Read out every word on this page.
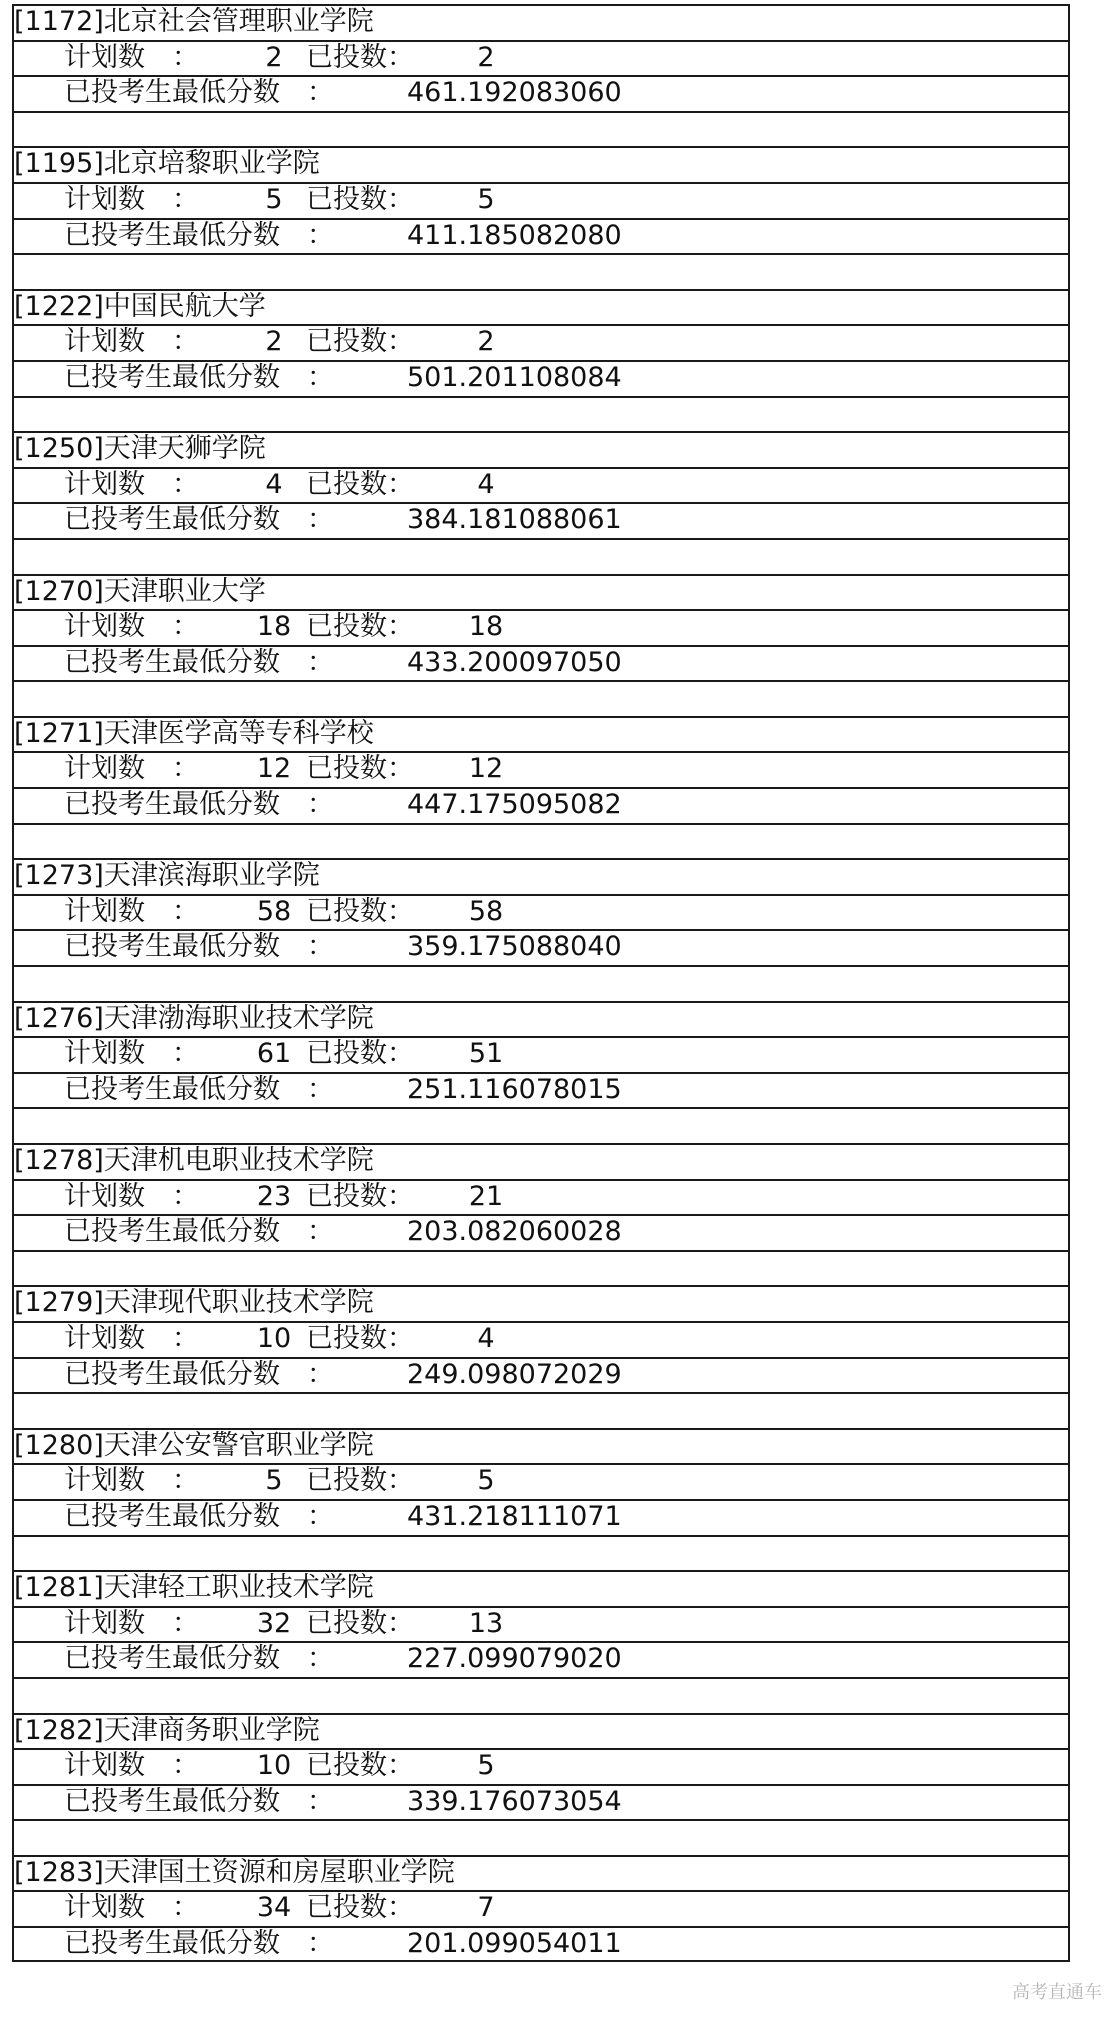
[1172]北京社会管理职业学院
计划数　：	2 已投数：	2
已投考生最低分数　：	461.192083060
[1195]北京培黎职业学院
计划数　：	5 已投数：	5
已投考生最低分数　：	411.185082080
[1222]中国民航大学
计划数　：	2 已投数：	2
已投考生最低分数　：	501.201108084
[1250]天津天狮学院
计划数　：	4 已投数：	4
已投考生最低分数　：	384.181088061
[1270]天津职业大学
计划数　： 18 已投数： 18
已投考生最低分数　：	433.200097050
[1271]天津医学高等专科学校
计划数　： 12 已投数： 12
已投考生最低分数　：	447.175095082
[1273]天津滨海职业学院
计划数　： 58 已投数： 58
已投考生最低分数　：	359.175088040
[1276]天津渤海职业技术学院
计划数　： 61 已投数： 51
已投考生最低分数　：	251.116078015
[1278]天津机电职业技术学院
计划数　： 23 已投数： 21
已投考生最低分数　：	203.082060028
[1279]天津现代职业技术学院
计划数　： 10 已投数：	4
已投考生最低分数　：	249.098072029
[1280]天津公安警官职业学院
计划数　：	5 已投数：	5
已投考生最低分数　：	431.218111071
[1281]天津轻工职业技术学院
计划数　： 32 已投数： 13
已投考生最低分数　：	227.099079020
[1282]天津商务职业学院
计划数　： 10 已投数：	5
已投考生最低分数　：	339.176073054
[1283]天津国土资源和房屋职业学院
计划数　： 34 已投数：	7
已投考生最低分数　：	201.099054011
高考直通车
